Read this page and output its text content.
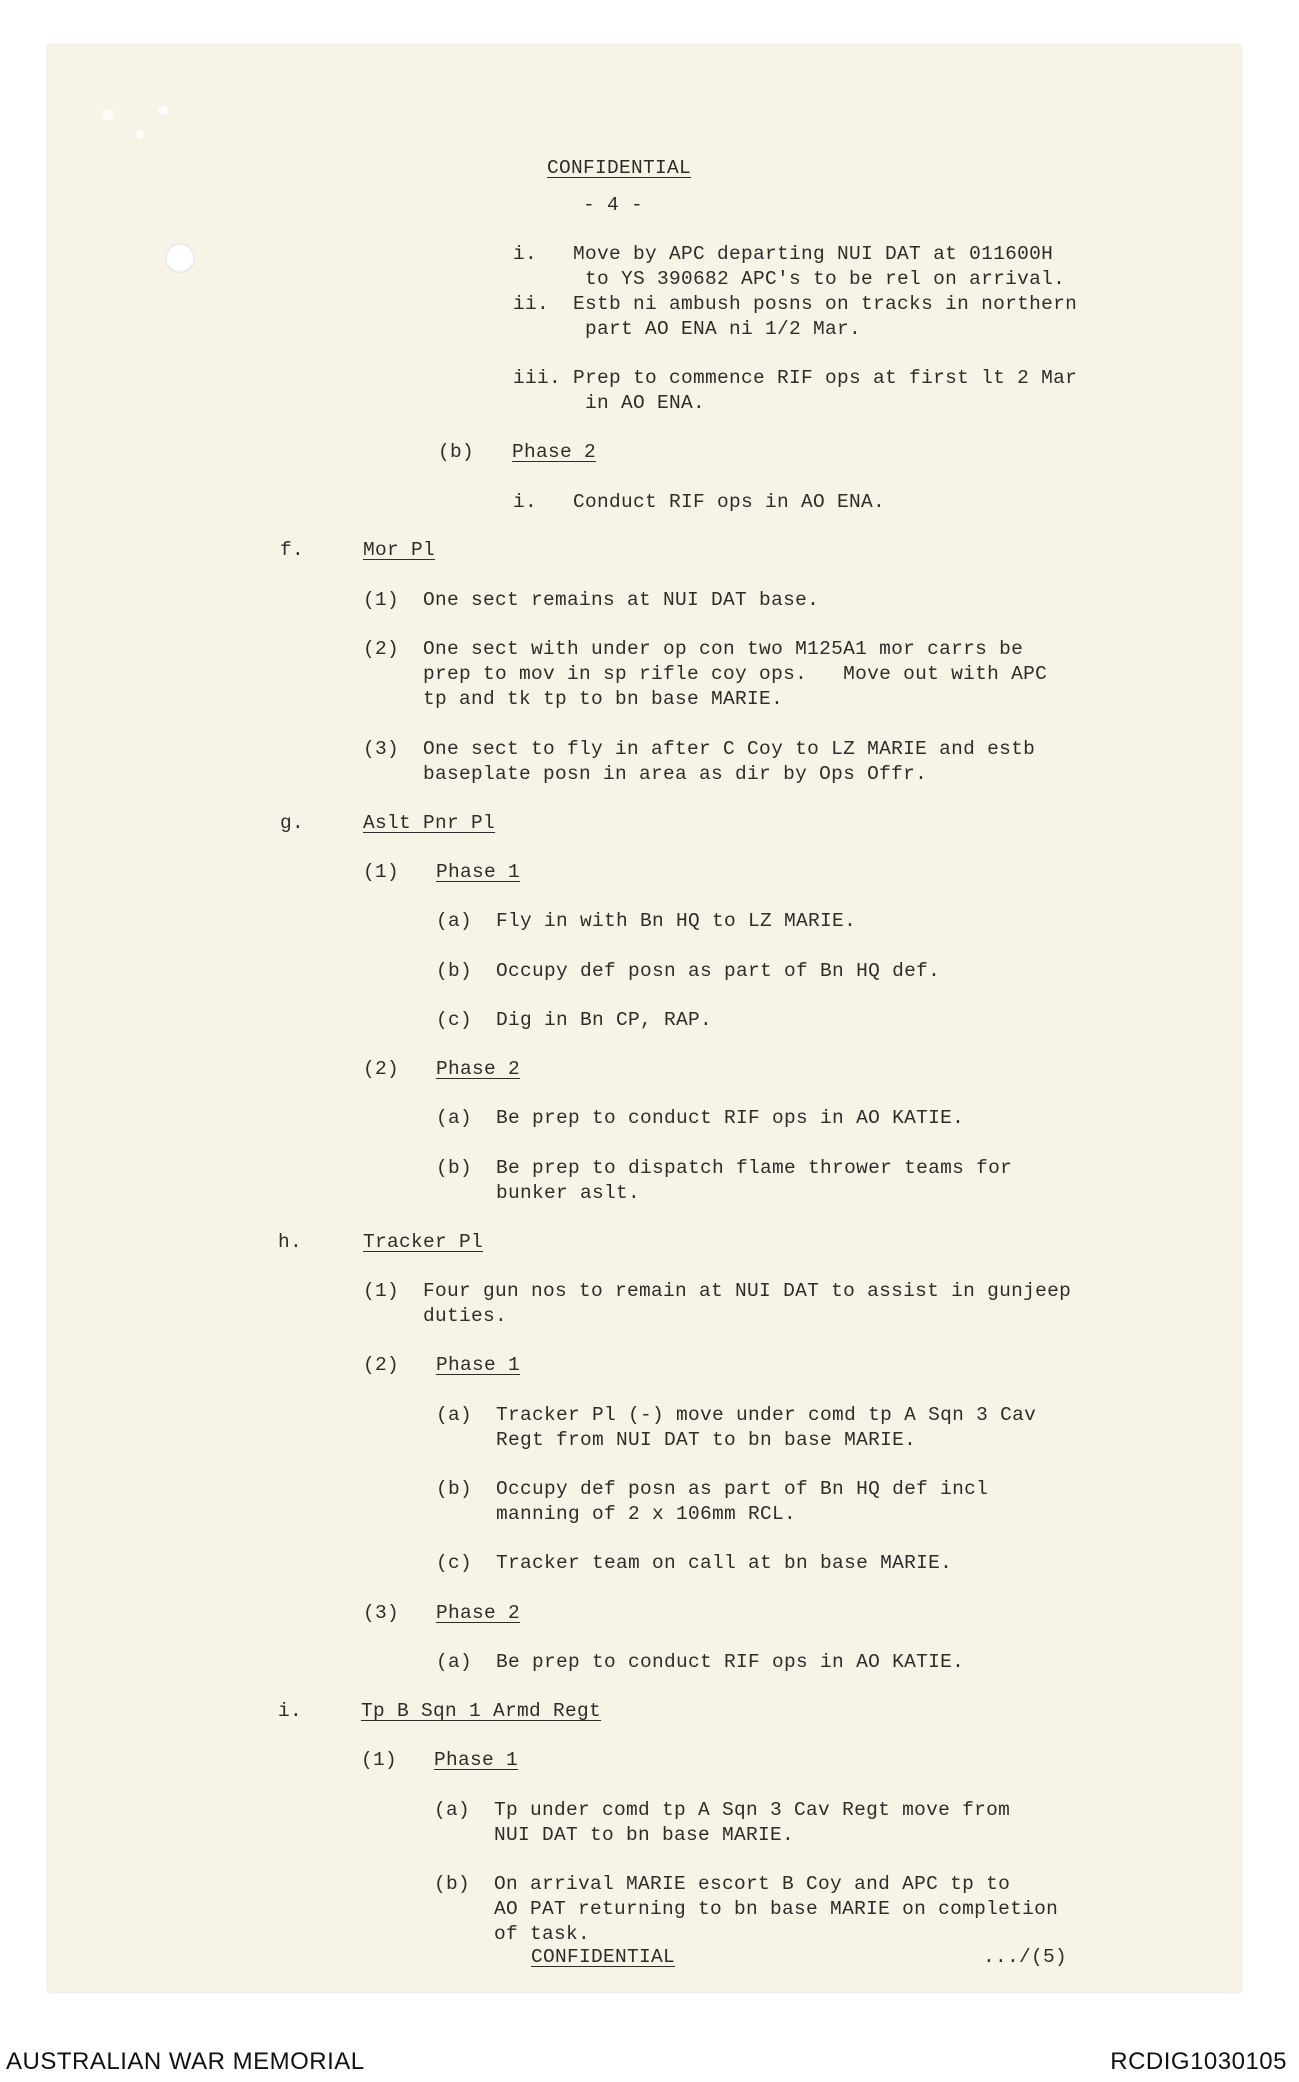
CONFIDENTIAL
- 4 -
i.   Move by APC departing NUI DAT at 011600H
to YS 390682 APC's to be rel on arrival.
ii.  Estb ni ambush posns on tracks in northern
part AO ENA ni 1/2 Mar.
iii. Prep to commence RIF ops at first lt 2 Mar
in AO ENA.
(b) Phase 2
i.   Conduct RIF ops in AO ENA.
f.	Mor Pl
(1)  One sect remains at NUI DAT base.
(2)  One sect with under op con two M125A1 mor carrs be
prep to mov in sp rifle coy ops.   Move out with APC
tp and tk tp to bn base MARIE.
(3)  One sect to fly in after C Coy to LZ MARIE and estb
baseplate posn in area as dir by Ops Offr.
g.	Aslt Pnr Pl
(1) Phase 1
(a)  Fly in with Bn HQ to LZ MARIE.
(b)  Occupy def posn as part of Bn HQ def.
(c)  Dig in Bn CP, RAP.
(2) Phase 2
(a)  Be prep to conduct RIF ops in AO KATIE.
(b)  Be prep to dispatch flame thrower teams for
bunker aslt.
h.	Tracker Pl
(1)  Four gun nos to remain at NUI DAT to assist in gunjeep
duties.
(2) Phase 1
(a)  Tracker Pl (-) move under comd tp A Sqn 3 Cav
Regt from NUI DAT to bn base MARIE.
(b)  Occupy def posn as part of Bn HQ def incl
manning of 2 x 106mm RCL.
(c)  Tracker team on call at bn base MARIE.
(3) Phase 2
(a)  Be prep to conduct RIF ops in AO KATIE.
i.	Tp B Sqn 1 Armd Regt
(1) Phase 1
(a)  Tp under comd tp A Sqn 3 Cav Regt move from
NUI DAT to bn base MARIE.
(b)  On arrival MARIE escort B Coy and APC tp to
AO PAT returning to bn base MARIE on completion
of task.
CONFIDENTIAL	.../(5)
AUSTRALIAN WAR MEMORIAL	RCDIG1030105
